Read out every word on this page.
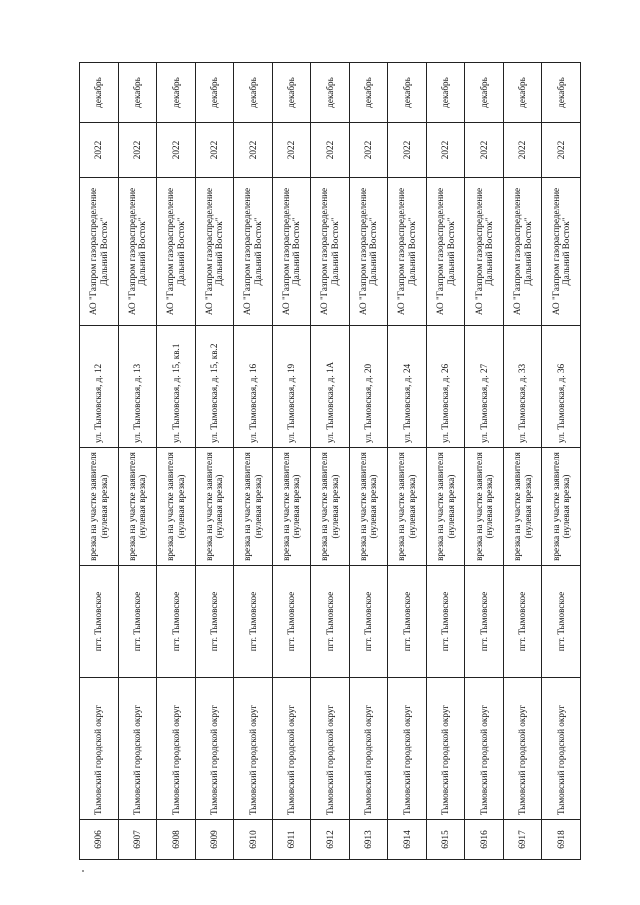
6906	Тымовский городской округ	пгт. Тымовское	врезка на участке заявителя (нулевая врезка)	ул. Тымовская, д. 12	АО "Газпром газораспределение Дальний Восток"	2022	декабрь
6907	Тымовский городской округ	пгт. Тымовское	врезка на участке заявителя (нулевая врезка)	ул. Тымовская, д. 13	АО "Газпром газораспределение Дальний Восток"	2022	декабрь
6908	Тымовский городской округ	пгт. Тымовское	врезка на участке заявителя (нулевая врезка)	ул. Тымовская, д. 15, кв.1	АО "Газпром газораспределение Дальний Восток"	2022	декабрь
6909	Тымовский городской округ	пгт. Тымовское	врезка на участке заявителя (нулевая врезка)	ул. Тымовская, д. 15, кв.2	АО "Газпром газораспределение Дальний Восток"	2022	декабрь
6910	Тымовский городской округ	пгт. Тымовское	врезка на участке заявителя (нулевая врезка)	ул. Тымовская, д. 16	АО "Газпром газораспределение Дальний Восток"	2022	декабрь
6911	Тымовский городской округ	пгт. Тымовское	врезка на участке заявителя (нулевая врезка)	ул. Тымовская, д. 19	АО "Газпром газораспределение Дальний Восток"	2022	декабрь
6912	Тымовский городской округ	пгт. Тымовское	врезка на участке заявителя (нулевая врезка)	ул. Тымовская, д. 1А	АО "Газпром газораспределение Дальний Восток"	2022	декабрь
6913	Тымовский городской округ	пгт. Тымовское	врезка на участке заявителя (нулевая врезка)	ул. Тымовская, д. 20	АО "Газпром газораспределение Дальний Восток"	2022	декабрь
6914	Тымовский городской округ	пгт. Тымовское	врезка на участке заявителя (нулевая врезка)	ул. Тымовская, д. 24	АО "Газпром газораспределение Дальний Восток"	2022	декабрь
6915	Тымовский городской округ	пгт. Тымовское	врезка на участке заявителя (нулевая врезка)	ул. Тымовская, д. 26	АО "Газпром газораспределение Дальний Восток"	2022	декабрь
6916	Тымовский городской округ	пгт. Тымовское	врезка на участке заявителя (нулевая врезка)	ул. Тымовская, д. 27	АО "Газпром газораспределение Дальний Восток"	2022	декабрь
6917	Тымовский городской округ	пгт. Тымовское	врезка на участке заявителя (нулевая врезка)	ул. Тымовская, д. 33	АО "Газпром газораспределение Дальний Восток"	2022	декабрь
6918	Тымовский городской округ	пгт. Тымовское	врезка на участке заявителя (нулевая врезка)	ул. Тымовская, д. 36	АО "Газпром газораспределение Дальний Восток"	2022	декабрь
